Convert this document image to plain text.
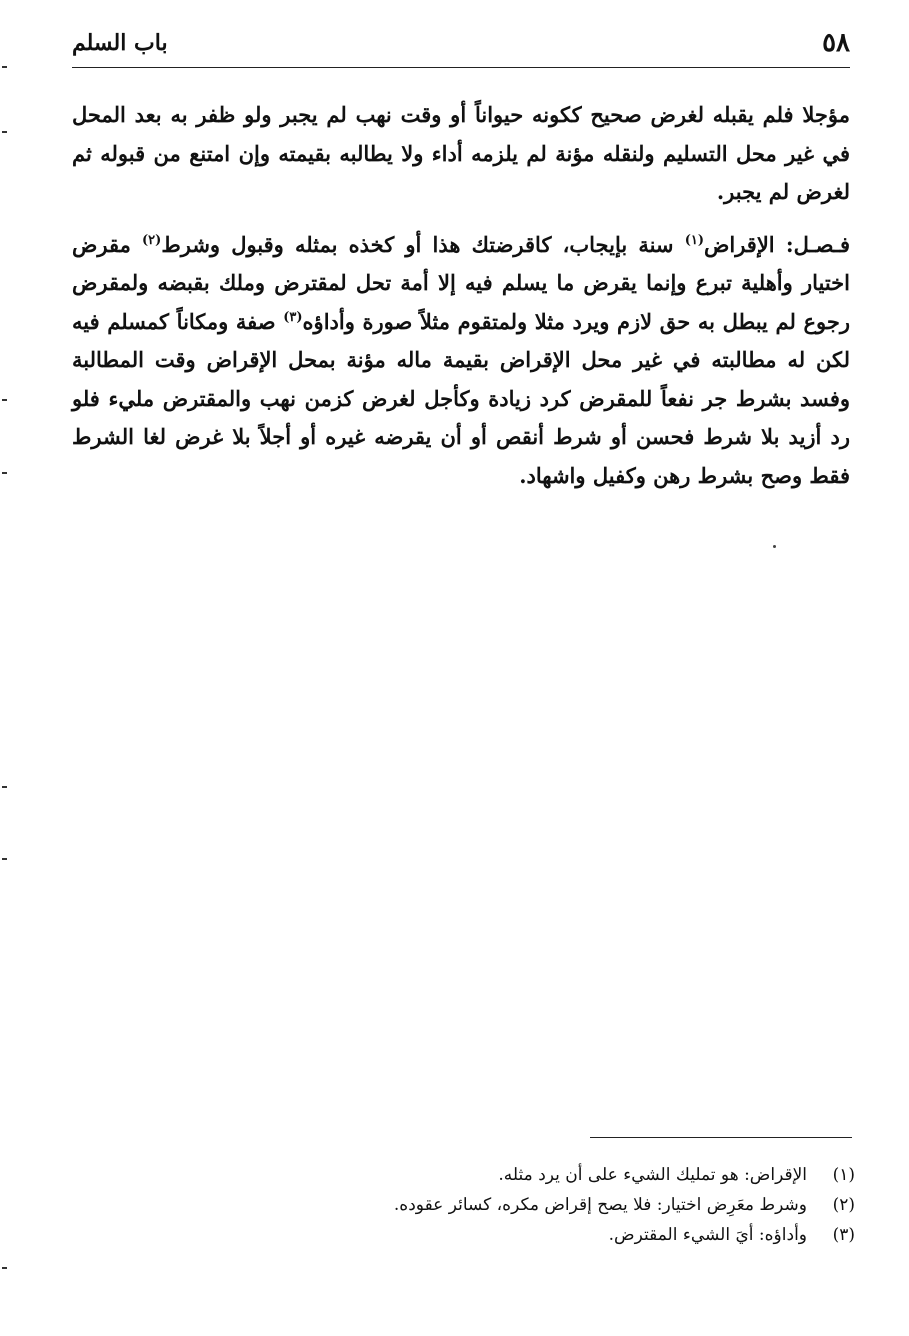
٥٨
باب السلم

مؤجلا فلم يقبله لغرض صحيح ككونه حيواناً أو وقت نهب لم يجبر ولو ظفر به بعد المحل في غير محل التسليم ولنقله مؤنة لم يلزمه أداء ولا يطالبه بقيمته وإن امتنع من قبوله ثم لغرض لم يجبر.

فـصـل: الإقراض$^{(١)}$ سنة بإيجاب، كاقرضتك هذا أو كخذه بمثله وقبول وشرط$^{(٢)}$ مقرض اختيار وأهلية تبرع وإنما يقرض ما يسلم فيه إلا أمة تحل لمقترض وملك بقبضه ولمقرض رجوع لم يبطل به حق لازم ويرد مثلا ولمتقوم مثلاً صورة وأداؤه$^{(٣)}$ صفة ومكاناً كمسلم فيه لكن له مطالبته في غير محل الإقراض بقيمة ماله مؤنة بمحل الإقراض وقت المطالبة وفسد بشرط جر نفعاً للمقرض كرد زيادة وكأجل لغرض كزمن نهب والمقترض مليء فلو رد أزيد بلا شرط فحسن أو شرط أنقص أو أن يقرضه غيره أو أجلاً بلا غرض لغا الشرط فقط وصح بشرط رهن وكفيل واشهاد.

(١)
الإقراض: هو تمليك الشيء على أن يرد مثله.
(٢)
وشرط معَرِض اختيار: فلا يصح إقراض مكره، كسائر عقوده.
(٣)
وأداؤه: أيَ الشيء المقترض.
